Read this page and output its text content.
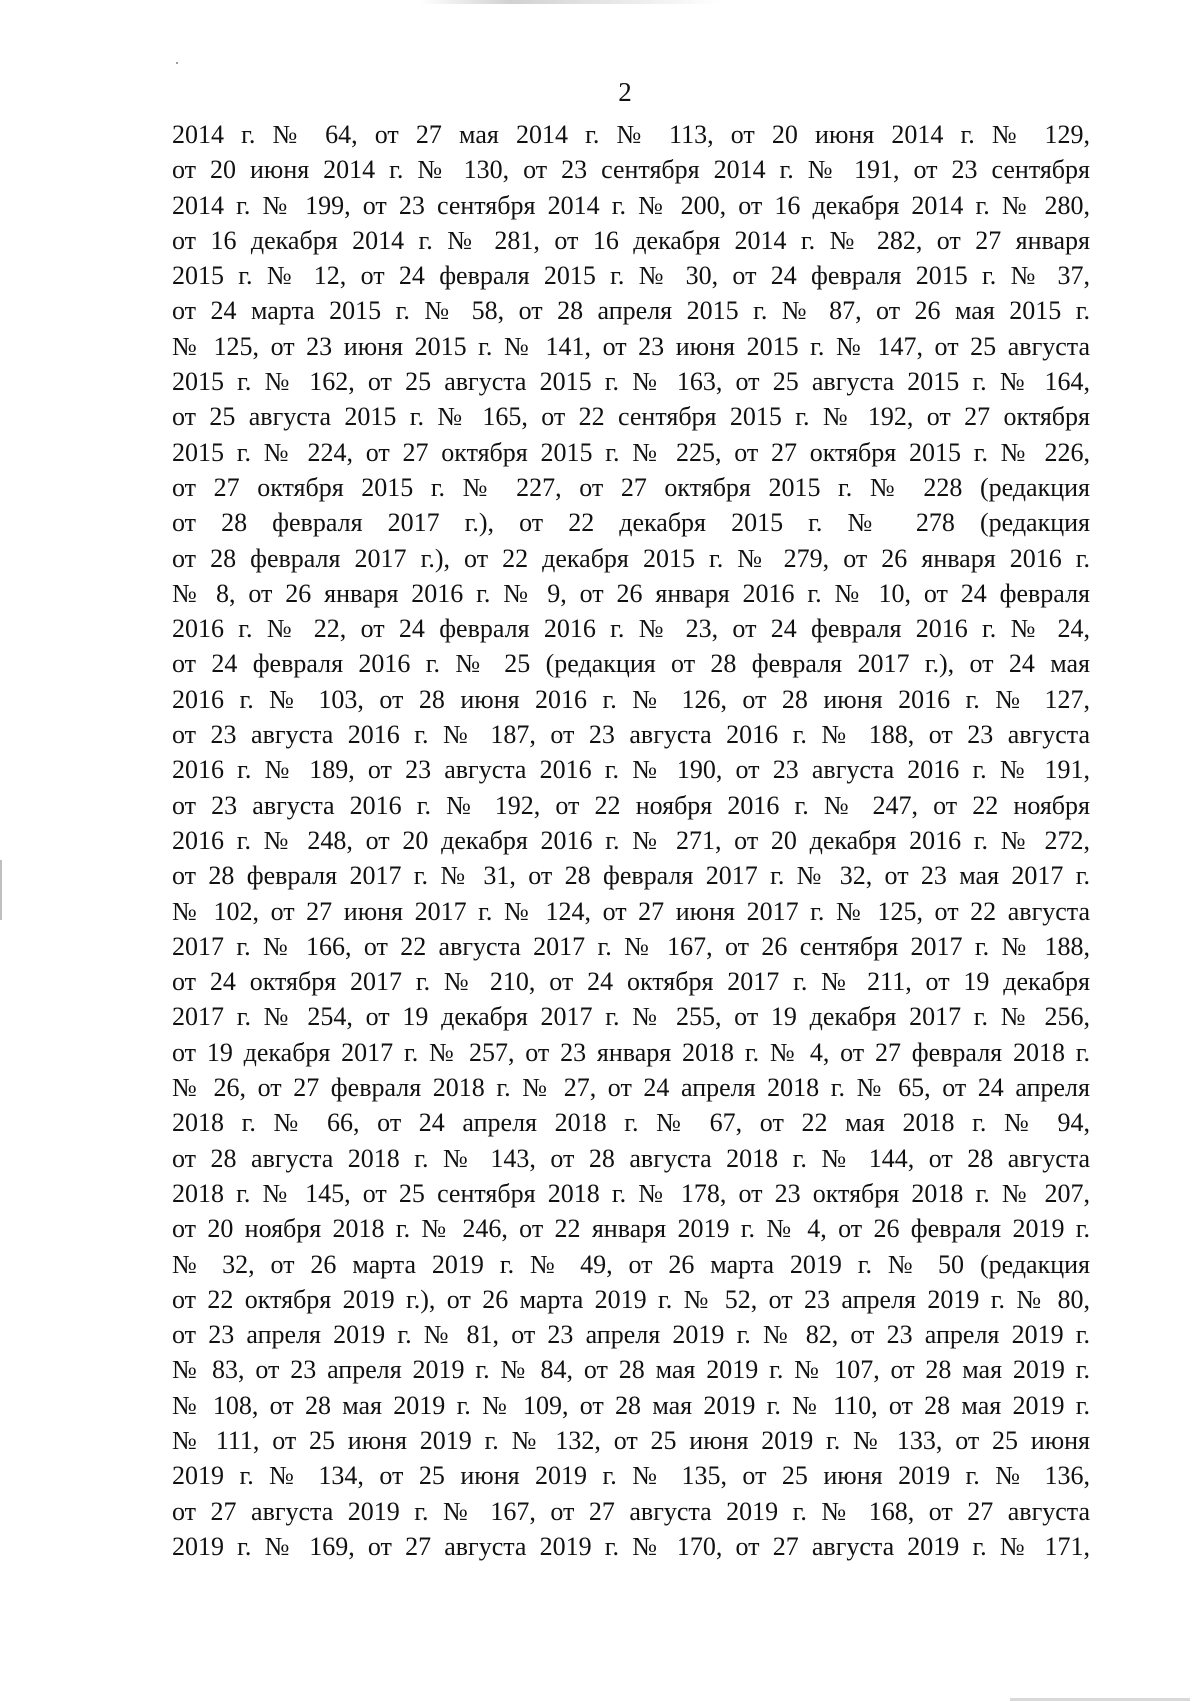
2
2014 г. № 64, от 27 мая 2014 г. № 113, от 20 июня 2014 г. № 129,
от 20 июня 2014 г. № 130, от 23 сентября 2014 г. № 191, от 23 сентября
2014 г. № 199, от 23 сентября 2014 г. № 200, от 16 декабря 2014 г. № 280,
от 16 декабря 2014 г. № 281, от 16 декабря 2014 г. № 282, от 27 января
2015 г. № 12, от 24 февраля 2015 г. № 30, от 24 февраля 2015 г. № 37,
от 24 марта 2015 г. № 58, от 28 апреля 2015 г. № 87, от 26 мая 2015 г.
№ 125, от 23 июня 2015 г. № 141, от 23 июня 2015 г. № 147, от 25 августа
2015 г. № 162, от 25 августа 2015 г. № 163, от 25 августа 2015 г. № 164,
от 25 августа 2015 г. № 165, от 22 сентября 2015 г. № 192, от 27 октября
2015 г. № 224, от 27 октября 2015 г. № 225, от 27 октября 2015 г. № 226,
от 27 октября 2015 г. № 227, от 27 октября 2015 г. № 228 (редакция
от 28 февраля 2017 г.), от 22 декабря 2015 г. № 278 (редакция
от 28 февраля 2017 г.), от 22 декабря 2015 г. № 279, от 26 января 2016 г.
№ 8, от 26 января 2016 г. № 9, от 26 января 2016 г. № 10, от 24 февраля
2016 г. № 22, от 24 февраля 2016 г. № 23, от 24 февраля 2016 г. № 24,
от 24 февраля 2016 г. № 25 (редакция от 28 февраля 2017 г.), от 24 мая
2016 г. № 103, от 28 июня 2016 г. № 126, от 28 июня 2016 г. № 127,
от 23 августа 2016 г. № 187, от 23 августа 2016 г. № 188, от 23 августа
2016 г. № 189, от 23 августа 2016 г. № 190, от 23 августа 2016 г. № 191,
от 23 августа 2016 г. № 192, от 22 ноября 2016 г. № 247, от 22 ноября
2016 г. № 248, от 20 декабря 2016 г. № 271, от 20 декабря 2016 г. № 272,
от 28 февраля 2017 г. № 31, от 28 февраля 2017 г. № 32, от 23 мая 2017 г.
№ 102, от 27 июня 2017 г. № 124, от 27 июня 2017 г. № 125, от 22 августа
2017 г. № 166, от 22 августа 2017 г. № 167, от 26 сентября 2017 г. № 188,
от 24 октября 2017 г. № 210, от 24 октября 2017 г. № 211, от 19 декабря
2017 г. № 254, от 19 декабря 2017 г. № 255, от 19 декабря 2017 г. № 256,
от 19 декабря 2017 г. № 257, от 23 января 2018 г. № 4, от 27 февраля 2018 г.
№ 26, от 27 февраля 2018 г. № 27, от 24 апреля 2018 г. № 65, от 24 апреля
2018 г. № 66, от 24 апреля 2018 г. № 67, от 22 мая 2018 г. № 94,
от 28 августа 2018 г. № 143, от 28 августа 2018 г. № 144, от 28 августа
2018 г. № 145, от 25 сентября 2018 г. № 178, от 23 октября 2018 г. № 207,
от 20 ноября 2018 г. № 246, от 22 января 2019 г. № 4, от 26 февраля 2019 г.
№ 32, от 26 марта 2019 г. № 49, от 26 марта 2019 г. № 50 (редакция
от 22 октября 2019 г.), от 26 марта 2019 г. № 52, от 23 апреля 2019 г. № 80,
от 23 апреля 2019 г. № 81, от 23 апреля 2019 г. № 82, от 23 апреля 2019 г.
№ 83, от 23 апреля 2019 г. № 84, от 28 мая 2019 г. № 107, от 28 мая 2019 г.
№ 108, от 28 мая 2019 г. № 109, от 28 мая 2019 г. № 110, от 28 мая 2019 г.
№ 111, от 25 июня 2019 г. № 132, от 25 июня 2019 г. № 133, от 25 июня
2019 г. № 134, от 25 июня 2019 г. № 135, от 25 июня 2019 г. № 136,
от 27 августа 2019 г. № 167, от 27 августа 2019 г. № 168, от 27 августа
2019 г. № 169, от 27 августа 2019 г. № 170, от 27 августа 2019 г. № 171,
